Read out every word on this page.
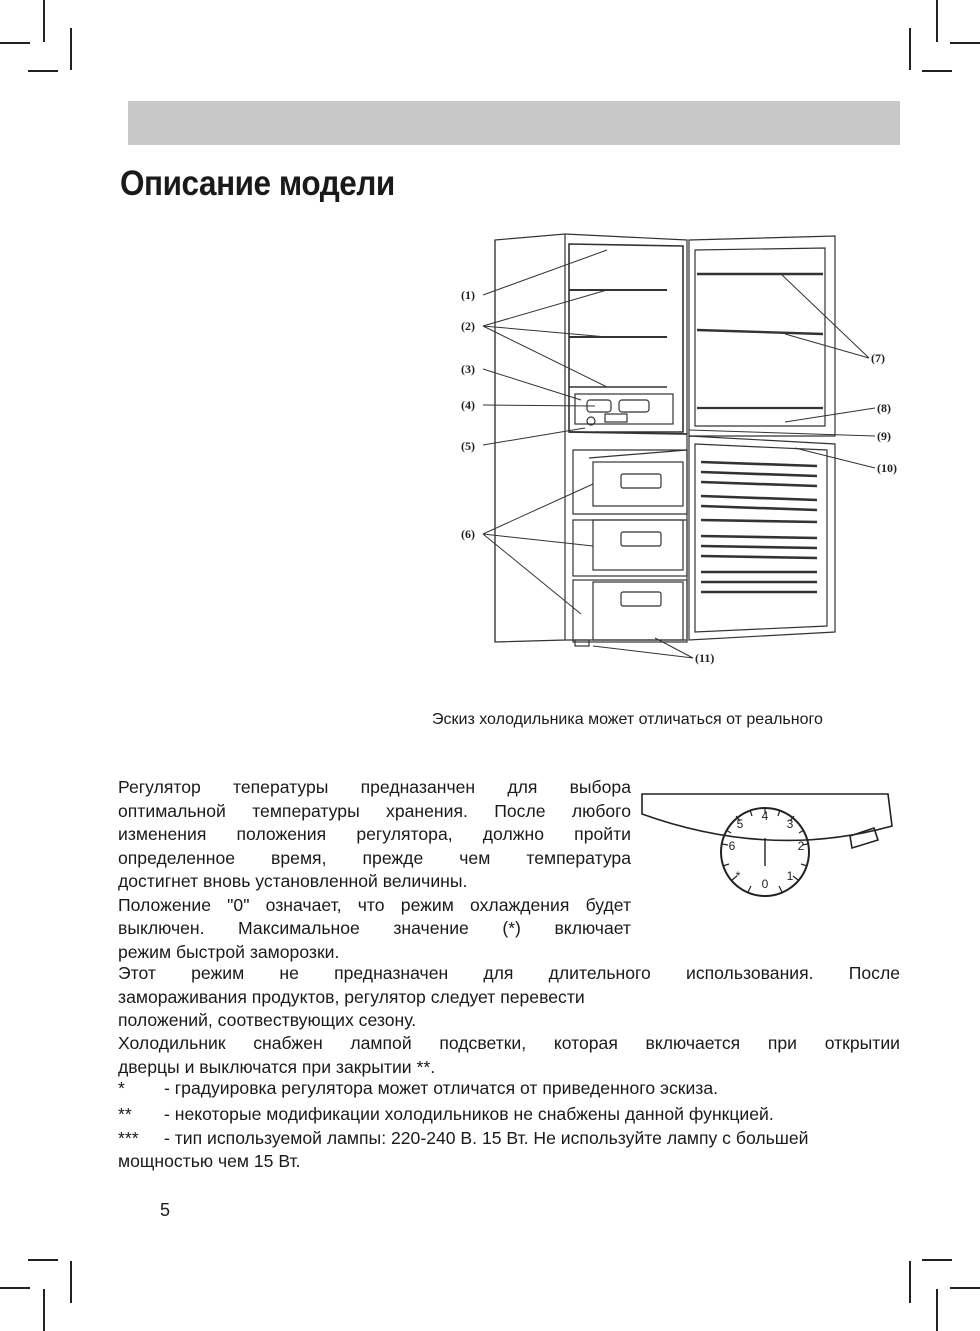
Описание модели
(1)
(2)
(3)
(4)
(5)
(6)
(7)
(8)
(9)
(10)
(11)
Эскиз холодильника может отличаться от реального
Регулятор тепературы предназанчен для выбора
оптимальной температуры хранения. После любого
изменения положения регулятора, должно пройти
определенное время, прежде чем температура
достигнет вновь установленной величины.
Положение "0" означает, что режим охлаждения будет
выключен. Максимальное значение (*) включает
режим быстрой заморозки.
0
1
2
3
4
5
6
*
Этот режим не предназначен для длительного использования. После
замораживания продуктов, регулятор следует перевести
положений, соотвествующих сезону.
Холодильник снабжен лампой подсветки, которая включается при открытии
дверцы и выключатся при закрытии **.
* - градуировка регулятора может отличатся от приведенного эскиза.
** - некоторые модификации холодильников не снабжены данной функцией.
*** - тип используемой лампы: 220-240 В. 15 Вт. Не используйте лампу с большей
мощностью чем 15 Вт.
5
